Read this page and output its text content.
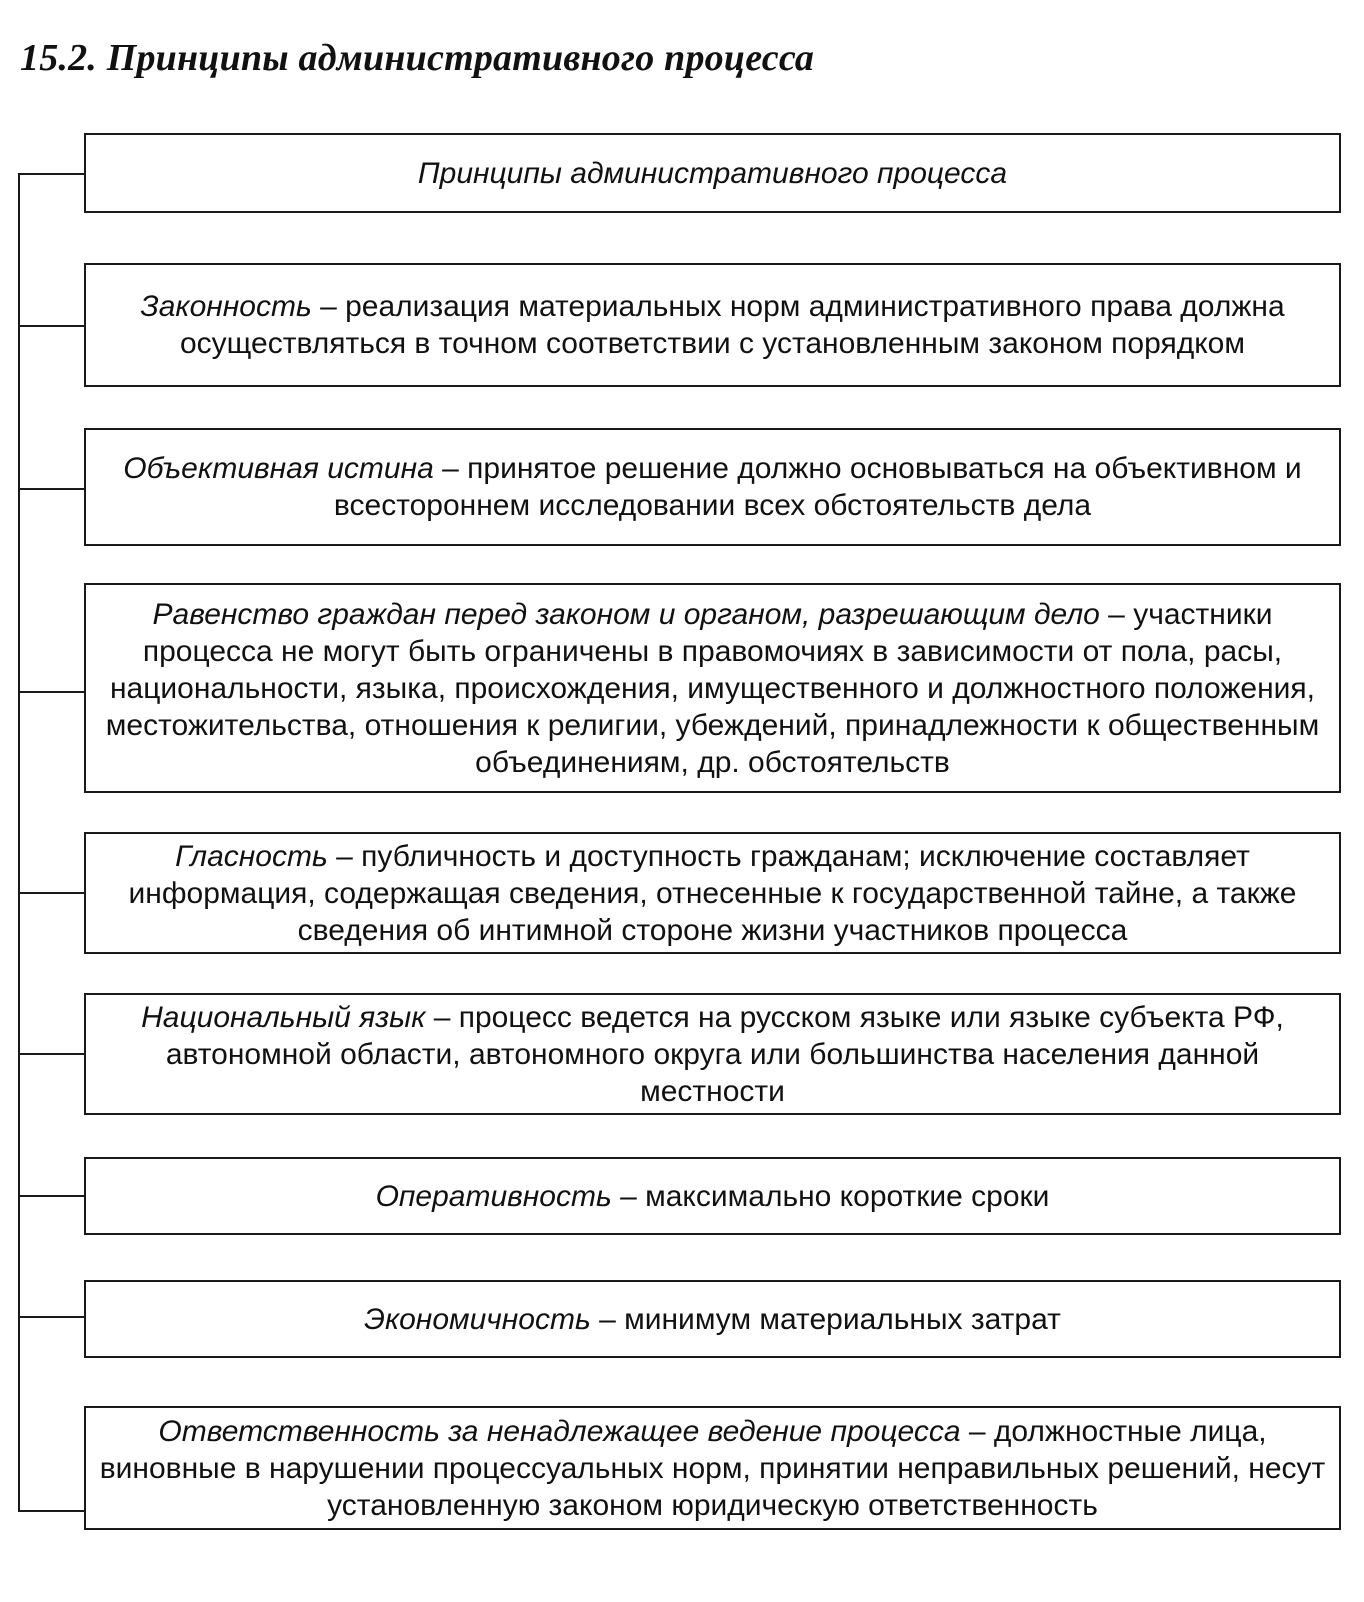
15.2. Принципы административного процесса
Принципы административного процесса
Законность – реализация материальных норм административного права должна осуществляться в точном соответствии с установленным законом порядком
Объективная истина – принятое решение должно основываться на объективном и всестороннем исследовании всех обстоятельств дела
Равенство граждан перед законом и органом, разрешающим дело – участники процесса не могут быть ограничены в правомочиях в зависимости от пола, расы, национальности, языка, происхождения, имущественного и должностного положения, местожительства, отношения к религии, убеждений, принадлежности к общественным объединениям, др. обстоятельств
Гласность – публичность и доступность гражданам; исключение составляет информация, содержащая сведения, отнесенные к государственной тайне, а также сведения об интимной стороне жизни участников процесса
Национальный язык – процесс ведется на русском языке или языке субъекта РФ, автономной области, автономного округа или большинства населения данной местности
Оперативность – максимально короткие сроки
Экономичность – минимум материальных затрат
Ответственность за ненадлежащее ведение процесса – должностные лица, виновные в нарушении процессуальных норм, принятии неправильных решений, несут установленную законом юридическую ответственность
